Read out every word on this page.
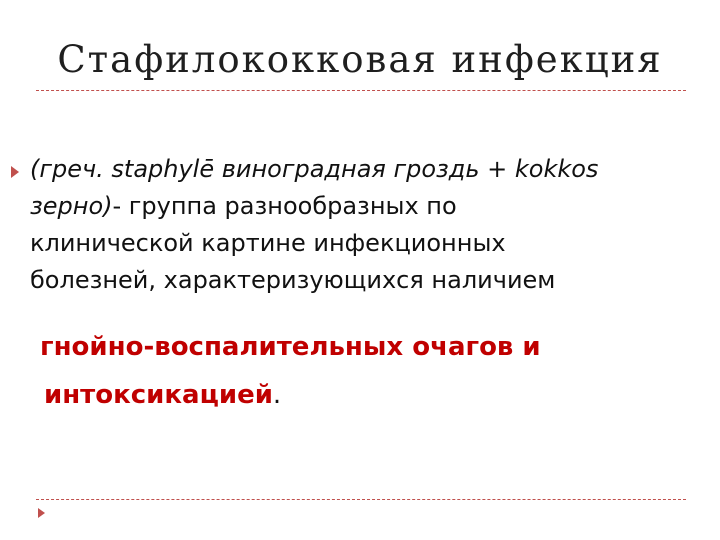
Стафилококковая инфекция
(греч. staphylē виноградная гроздь + kokkos зерно)- группа разнообразных по
клинической картине инфекционных
болезней, характеризующихся наличием
гнойно-воспалительных очагов и
интоксикацией.
